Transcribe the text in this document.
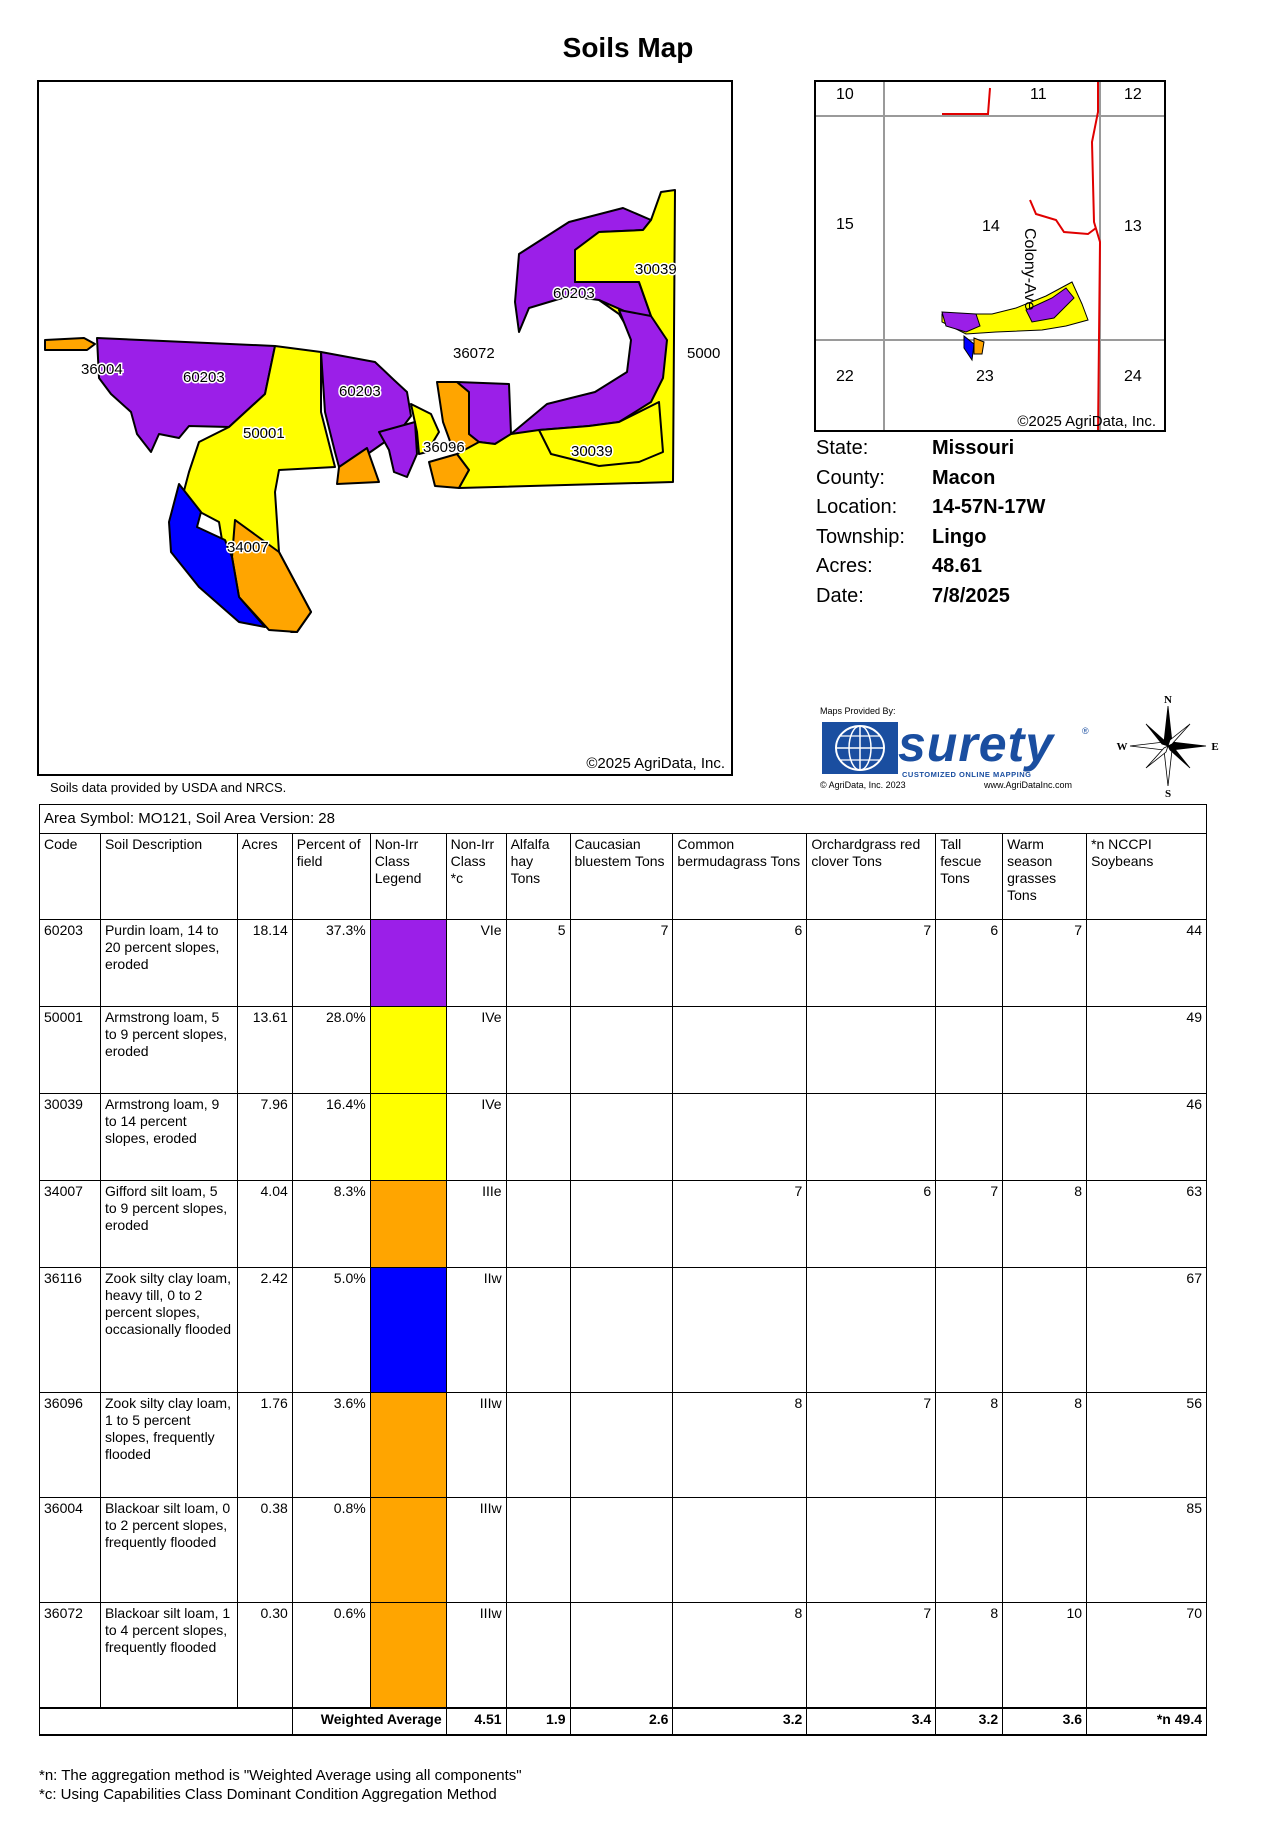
Soils Map
36004	60203
60203
50001
34007
36072
60203
30039
5000
36096	30039
©2025 AgriData, Inc.
Soils data provided by USDA and NRCS.
10	11	12
15	14	13
22	23	24
Colony-Ave
©2025 AgriData, Inc.
State:	Missouri
County:	Macon
Location:	14-57N-17W
Township:	Lingo
Acres:	48.61
Date:	7/8/2025
Maps Provided By:
surety	®
CUSTOMIZED ONLINE MAPPING
© AgriData, Inc. 2023	www.AgriDataInc.com
N
S
E
W
Area Symbol: MO121, Soil Area Version: 28												
Code	Soil Description	Acres	Percent of field	Non-Irr Class Legend	Non-Irr Class *c	Alfalfa hay Tons	Caucasian bluestem Tons	Common bermudagrass Tons	Orchardgrass red clover Tons	Tall fescue Tons	Warm season grasses Tons	*n NCCPI Soybeans
60203	Purdin loam, 14 to 20 percent slopes, eroded	18.14	37.3%		VIe	5	7	6	7	6	7	44
50001	Armstrong loam, 5 to 9 percent slopes, eroded	13.61	28.0%		IVe							49
30039	Armstrong loam, 9 to 14 percent slopes, eroded	7.96	16.4%		IVe							46
34007	Gifford silt loam, 5 to 9 percent slopes, eroded	4.04	8.3%		IIIe			7	6	7	8	63
36116	Zook silty clay loam, heavy till, 0 to 2 percent slopes, occasionally flooded	2.42	5.0%		IIw							67
36096	Zook silty clay loam, 1 to 5 percent slopes, frequently flooded	1.76	3.6%		IIIw			8	7	8	8	56
36004	Blackoar silt loam, 0 to 2 percent slopes, frequently flooded	0.38	0.8%		IIIw							85
36072	Blackoar silt loam, 1 to 4 percent slopes, frequently flooded	0.30	0.6%		IIIw			8	7	8	10	70
			Weighted Average		4.51	1.9	2.6	3.2	3.4	3.2	3.6	*n 49.4
*n: The aggregation method is "Weighted Average using all components"
*c: Using Capabilities Class Dominant Condition Aggregation Method
